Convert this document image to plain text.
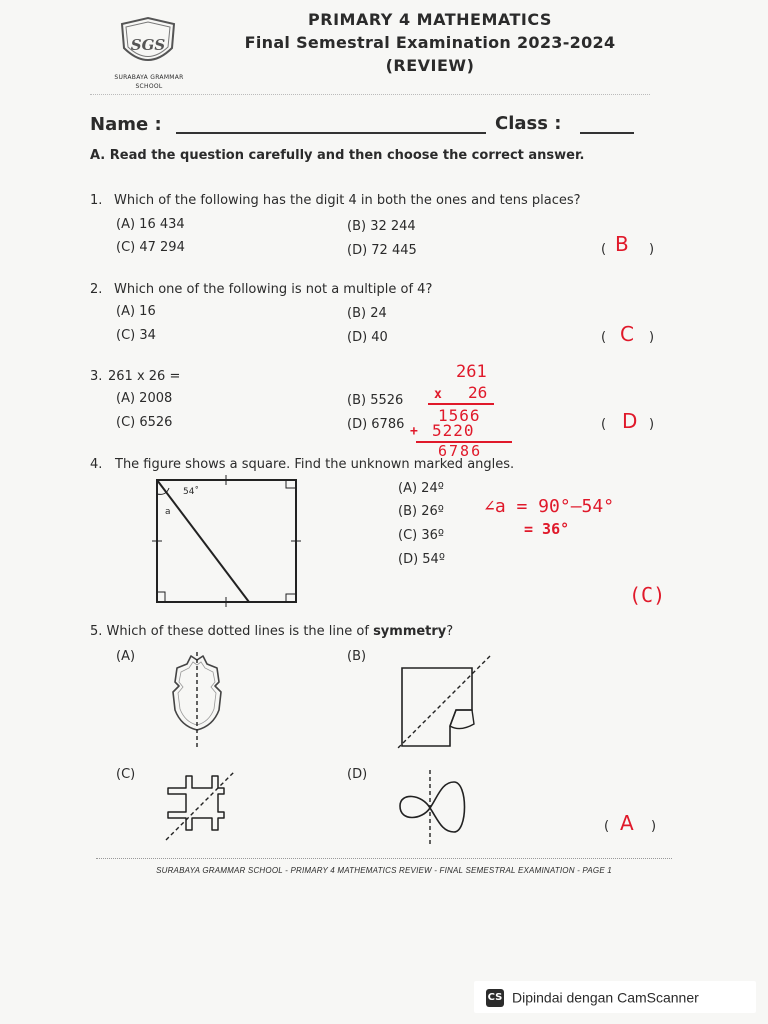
SGS
SURABAYA GRAMMAR
SCHOOL
PRIMARY 4 MATHEMATICS
Final Semestral Examination 2023-2024
(REVIEW)
Name :	Class :
A. Read the question carefully and then choose the correct answer.
1. Which of the following has the digit 4 in both the ones and tens places?
(A) 16 434	(B) 32 244
(C) 47 294	(D) 72 445	( B )
2. Which one of the following is not a multiple of 4?
(A) 16	(B) 24
(C) 34	(D) 40	( C )
3. 261 x 26 =
(A) 2008	(B) 5526
(C) 6526	(D) 6786	( D )
261
x 26
1566
+ 5220
6786
4. The figure shows a square. Find the unknown marked angles.
54˚
a
(A) 24º
(B) 26º
(C) 36º
(D) 54º
∠a = 90°–54°
= 36°
(C)
5. Which of these dotted lines is the line of symmetry?
(A)	(B)
(C)	(D)
( A )
SURABAYA GRAMMAR SCHOOL - PRIMARY 4 MATHEMATICS REVIEW - FINAL SEMESTRAL EXAMINATION - PAGE 1
CS Dipindai dengan CamScanner
